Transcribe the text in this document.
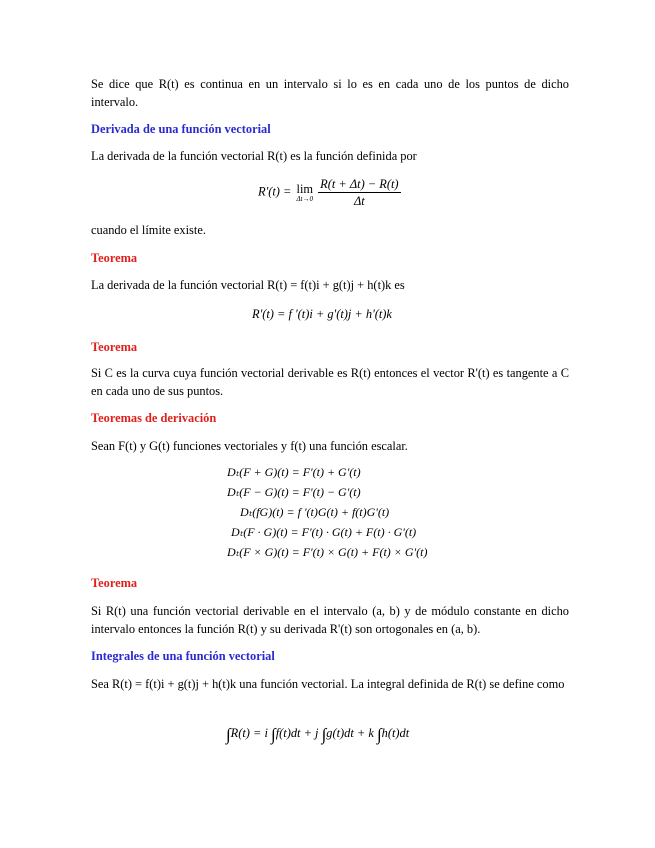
Se dice que R(t) es continua en un intervalo si lo es en cada uno de los puntos de dicho intervalo.
Derivada de una función vectorial
La derivada de la función vectorial R(t) es la función definida por
R'(t) = lim
Δt→0
$\frac{R(t + \Delta t) - R(t)}{\Delta t}$
cuando el límite existe.
Teorema
La derivada de la función vectorial R(t) = f(t)i + g(t)j + h(t)k es
R'(t) = f '(t)i + g'(t)j + h'(t)k
Teorema
Si C es la curva cuya función vectorial derivable es R(t) entonces el vector R'(t) es tangente a C en cada uno de sus puntos.
Teoremas de derivación
Sean F(t) y G(t) funciones vectoriales y f(t) una función escalar.
Dₜ(F + G)(t) = F'(t) + G'(t)
Dₜ(F − G)(t) = F'(t) − G'(t)
Dₜ(fG)(t) = f '(t)G(t) + f(t)G'(t)
Dₜ(F · G)(t) = F'(t) · G(t) + F(t) · G'(t)
Dₜ(F × G)(t) = F'(t) × G(t) + F(t) × G'(t)
Teorema
Si R(t) una función vectorial derivable en el intervalo (a, b) y de módulo constante en dicho intervalo entonces la función R(t) y su derivada R'(t) son ortogonales en (a, b).
Integrales de una función vectorial
Sea R(t) = f(t)i + g(t)j + h(t)k una función vectorial. La integral definida de R(t) se define como
∫R(t) = i ∫f(t)dt + j ∫g(t)dt + k ∫h(t)dt
